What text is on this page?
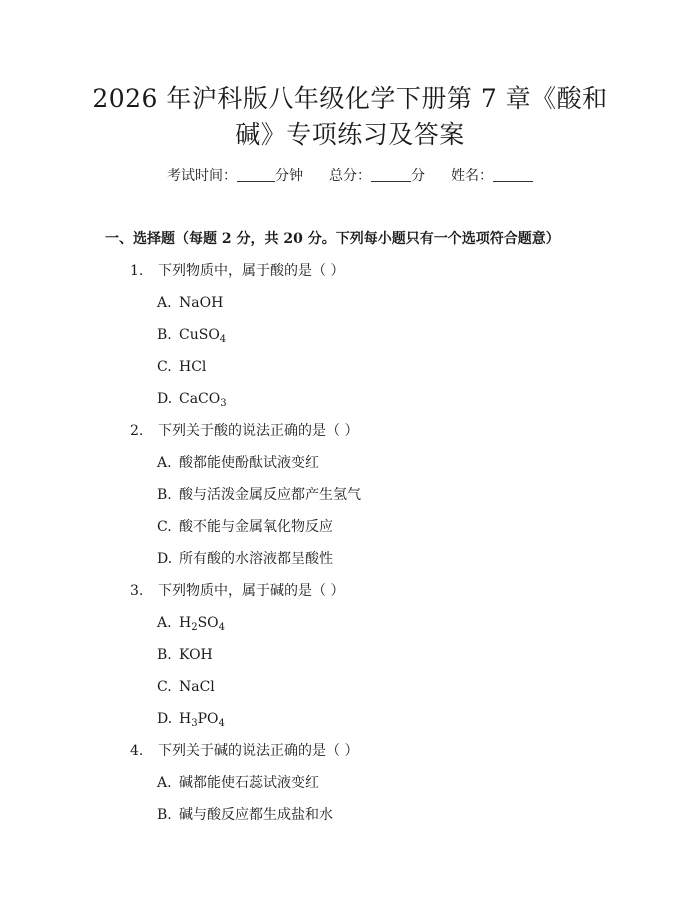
2026 年沪科版八年级化学下册第 7 章《酸和
碱》专项练习及答案
考试时间：	分钟 总分：	分 姓名：
一、选择题（每题 2 分，共 20 分。下列每小题只有一个选项符合题意）
1.	下列物质中，属于酸的是（ ）
A. NaOH
B. CuSO$_4$
C. HCl
D. CaCO$_3$
2.	下列关于酸的说法正确的是（ ）
A. 酸都能使酚酞试液变红
B. 酸与活泼金属反应都产生氢气
C. 酸不能与金属氧化物反应
D. 所有酸的水溶液都呈酸性
3.	下列物质中，属于碱的是（ ）
A. $H_2SO_4$
B. KOH
C. NaCl
D. $H_3PO_4$
4.	下列关于碱的说法正确的是（ ）
A. 碱都能使石蕊试液变红
B. 碱与酸反应都生成盐和水
